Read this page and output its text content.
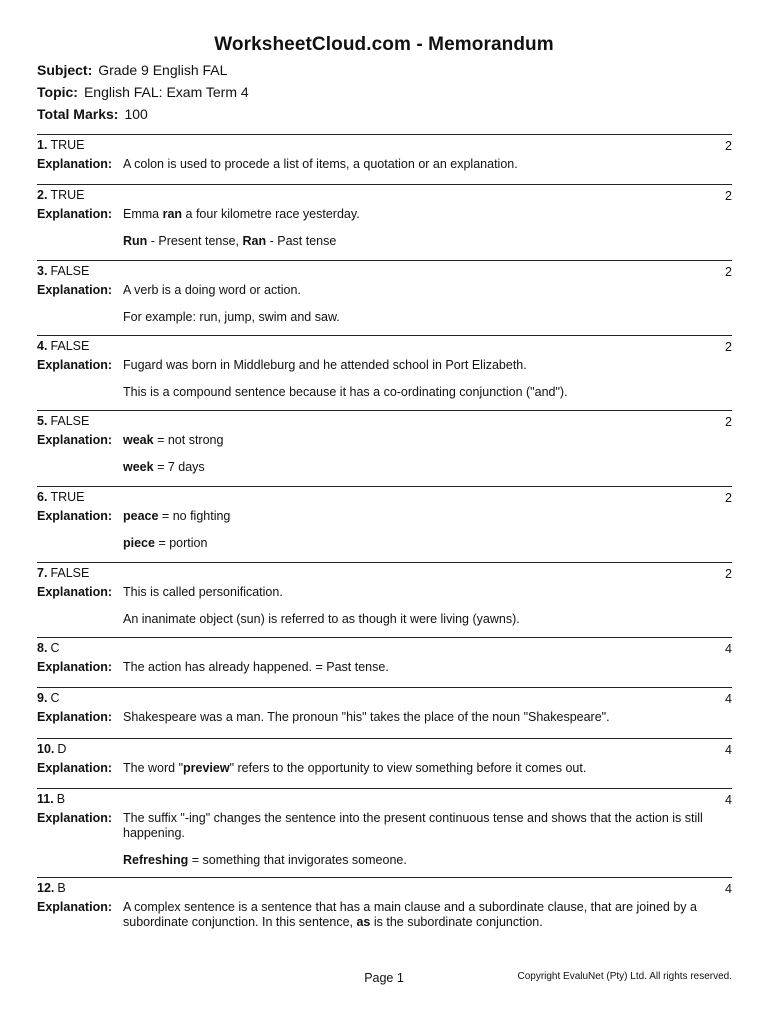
WorksheetCloud.com - Memorandum
Subject: Grade 9 English FAL
Topic: English FAL: Exam Term 4
Total Marks: 100
1. TRUE	2
Explanation: A colon is used to procede a list of items, a quotation or an explanation.
2. TRUE	2
Explanation: Emma ran a four kilometre race yesterday.
Run - Present tense, Ran - Past tense
3. FALSE	2
Explanation: A verb is a doing word or action.
For example: run, jump, swim and saw.
4. FALSE	2
Explanation: Fugard was born in Middleburg and he attended school in Port Elizabeth.
This is a compound sentence because it has a co-ordinating conjunction ("and").
5. FALSE	2
Explanation: weak = not strong
week = 7 days
6. TRUE	2
Explanation: peace = no fighting
piece = portion
7. FALSE	2
Explanation: This is called personification.
An inanimate object (sun) is referred to as though it were living (yawns).
8. C	4
Explanation: The action has already happened. = Past tense.
9. C	4
Explanation: Shakespeare was a man. The pronoun "his" takes the place of the noun "Shakespeare".
10. D	4
Explanation: The word "preview" refers to the opportunity to view something before it comes out.
11. B	4
Explanation: The suffix "-ing" changes the sentence into the present continuous tense and shows that the action is still happening.
Refreshing = something that invigorates someone.
12. B	4
Explanation: A complex sentence is a sentence that has a main clause and a subordinate clause, that are joined by a subordinate conjunction. In this sentence, as is the subordinate conjunction.
Page 1	Copyright EvaluNet (Pty) Ltd. All rights reserved.
